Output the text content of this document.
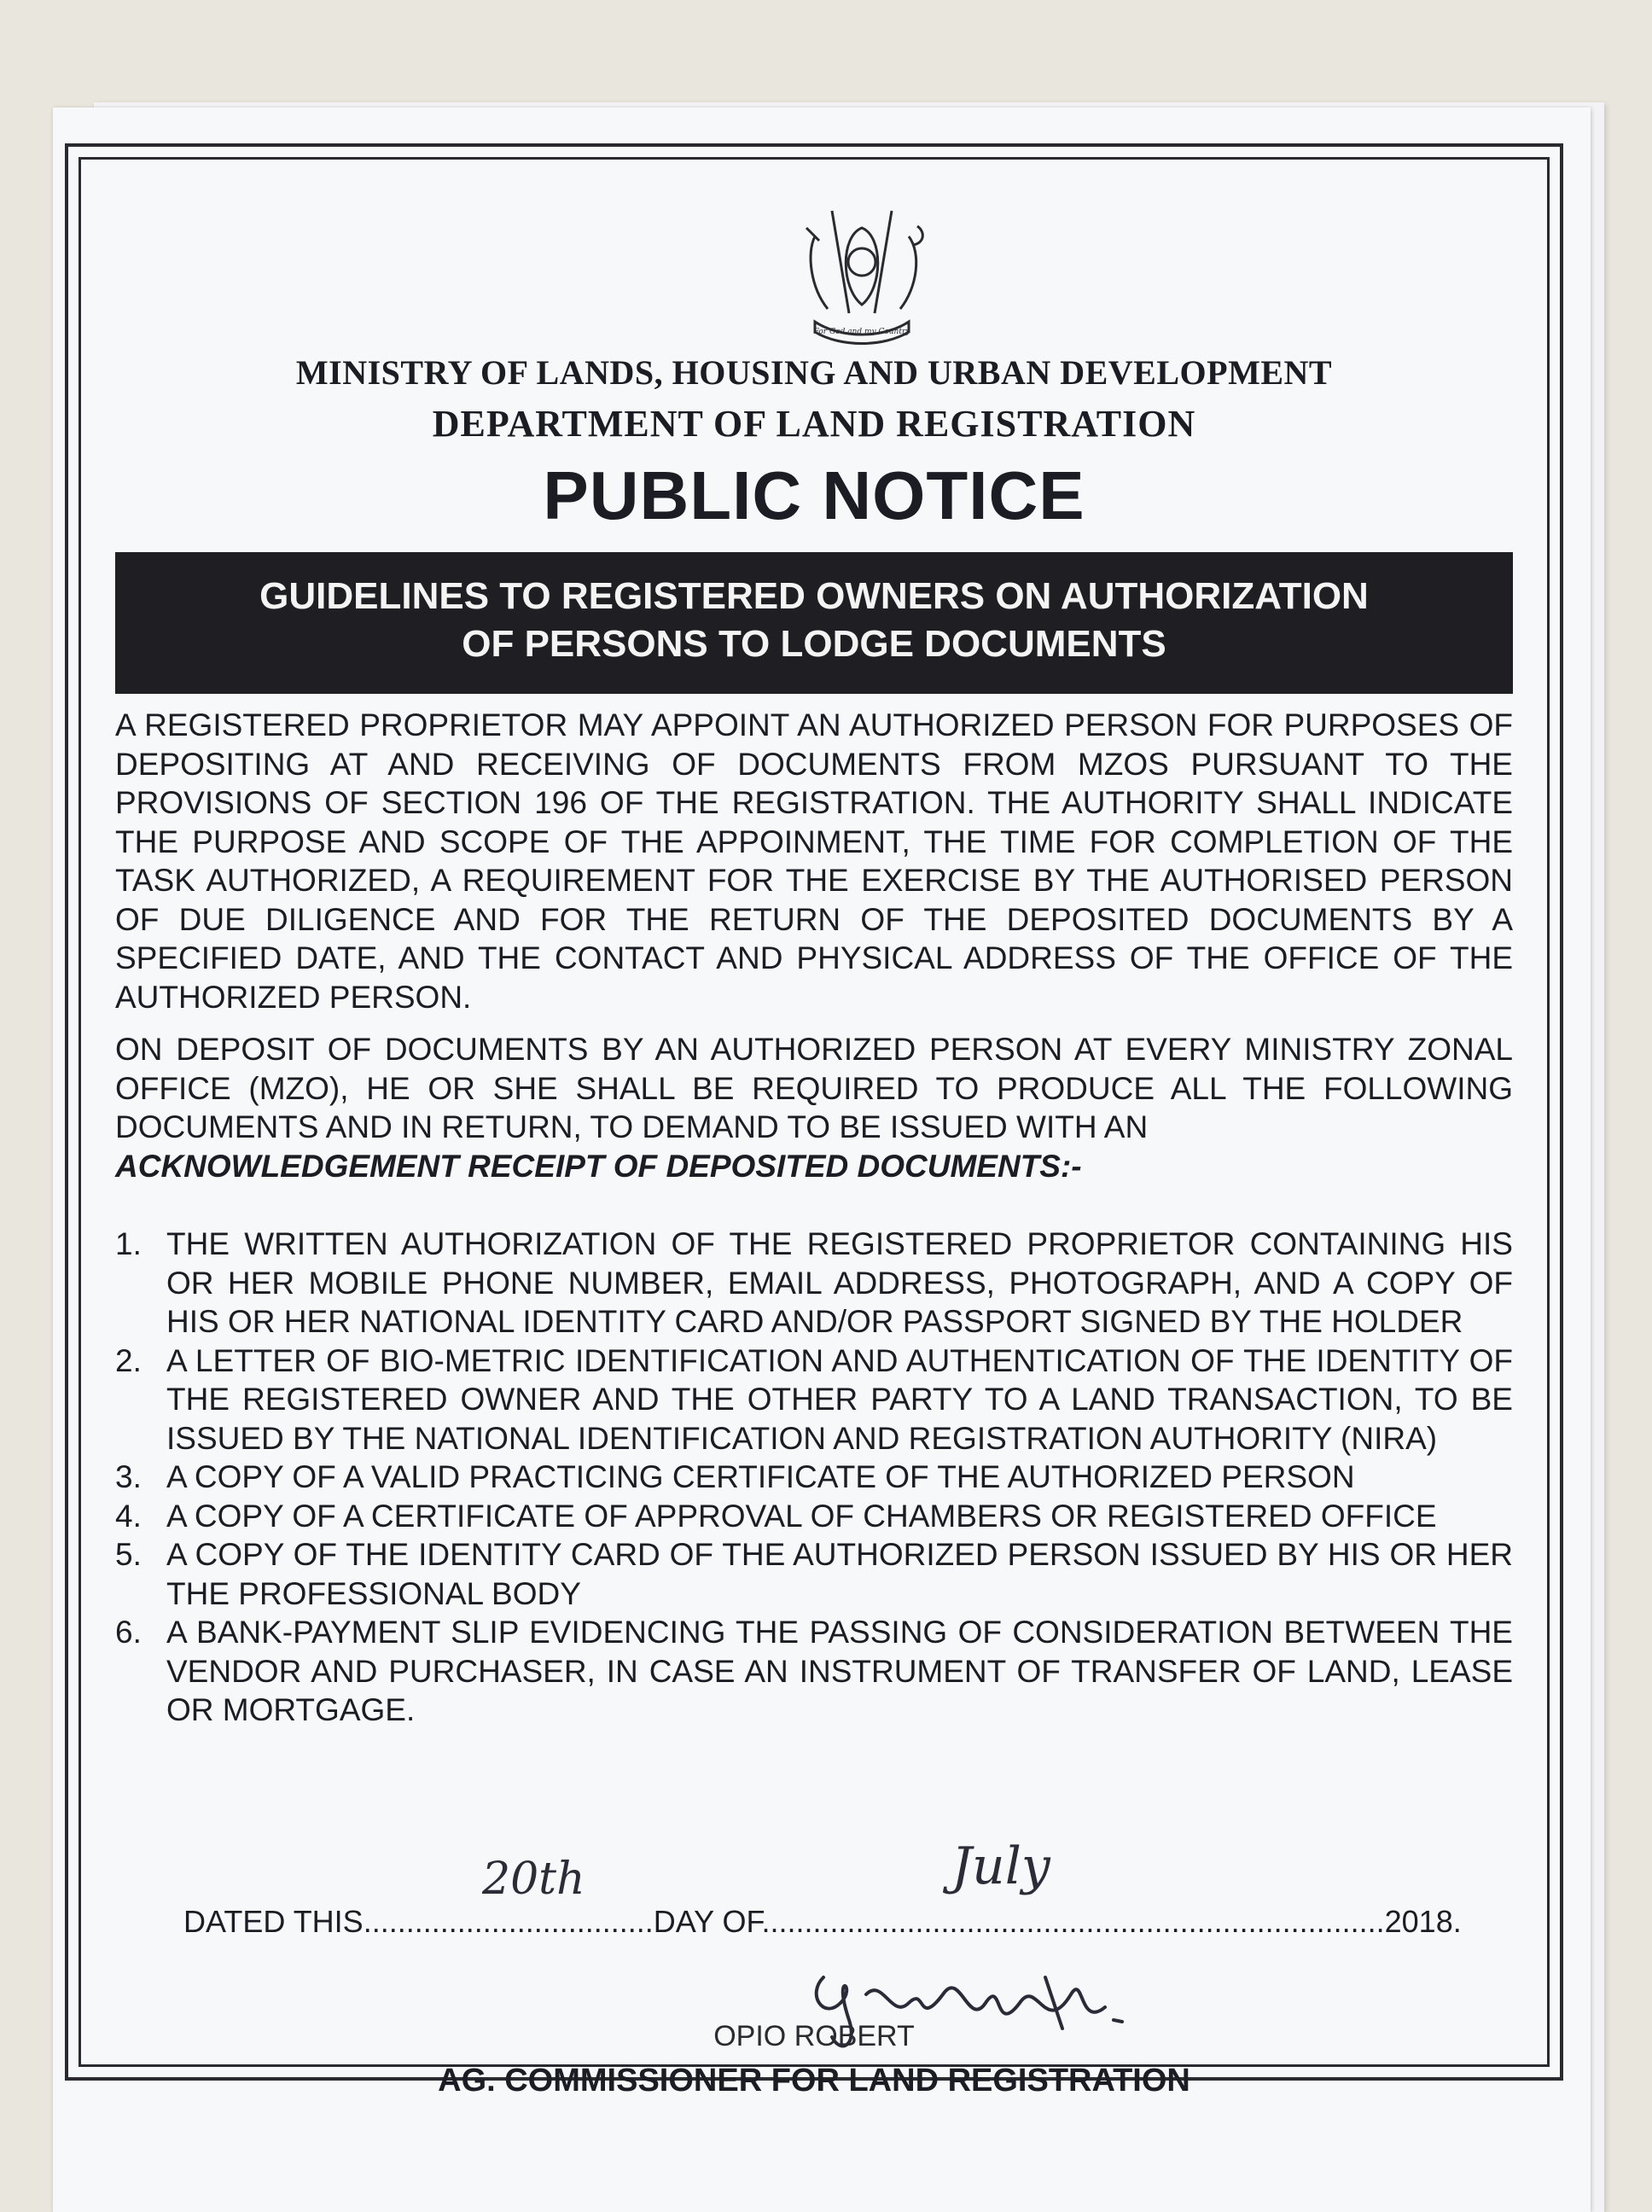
For God and my Country
MINISTRY OF LANDS, HOUSING AND URBAN DEVELOPMENT
DEPARTMENT OF LAND REGISTRATION
PUBLIC NOTICE
GUIDELINES TO REGISTERED OWNERS ON AUTHORIZATION
OF PERSONS TO LODGE DOCUMENTS
A REGISTERED PROPRIETOR MAY APPOINT AN AUTHORIZED PERSON FOR PURPOSES OF DEPOSITING AT AND RECEIVING OF DOCUMENTS FROM MZOS PURSUANT TO THE PROVISIONS OF SECTION 196 OF THE REGISTRATION. THE AUTHORITY SHALL INDICATE THE PURPOSE AND SCOPE OF THE APPOINMENT, THE TIME FOR COMPLETION OF THE TASK AUTHORIZED, A REQUIREMENT FOR THE EXERCISE BY THE AUTHORISED PERSON OF DUE DILIGENCE AND FOR THE RETURN OF THE DEPOSITED DOCUMENTS BY A SPECIFIED DATE, AND THE CONTACT AND PHYSICAL ADDRESS OF THE OFFICE OF THE AUTHORIZED PERSON.
ON DEPOSIT OF DOCUMENTS BY AN AUTHORIZED PERSON AT EVERY MINISTRY ZONAL OFFICE (MZO), HE OR SHE SHALL BE REQUIRED TO PRODUCE ALL THE FOLLOWING DOCUMENTS AND IN RETURN, TO DEMAND TO BE ISSUED WITH AN
ACKNOWLEDGEMENT RECEIPT OF DEPOSITED DOCUMENTS:-
1. THE WRITTEN AUTHORIZATION OF THE REGISTERED PROPRIETOR CONTAINING HIS OR HER MOBILE PHONE NUMBER, EMAIL ADDRESS, PHOTOGRAPH, AND A COPY OF HIS OR HER NATIONAL IDENTITY CARD AND/OR PASSPORT SIGNED BY THE HOLDER
2. A LETTER OF BIO-METRIC IDENTIFICATION AND AUTHENTICATION OF THE IDENTITY OF THE REGISTERED OWNER AND THE OTHER PARTY TO A LAND TRANSACTION, TO BE ISSUED BY THE NATIONAL IDENTIFICATION AND REGISTRATION AUTHORITY (NIRA)
3. A COPY OF A VALID PRACTICING CERTIFICATE OF THE AUTHORIZED PERSON
4. A COPY OF A CERTIFICATE OF APPROVAL OF CHAMBERS OR REGISTERED OFFICE
5. A COPY OF THE IDENTITY CARD OF THE AUTHORIZED PERSON ISSUED BY HIS OR HER THE PROFESSIONAL BODY
6. A BANK-PAYMENT SLIP EVIDENCING THE PASSING OF CONSIDERATION BETWEEN THE VENDOR AND PURCHASER, IN CASE AN INSTRUMENT OF TRANSFER OF LAND, LEASE OR MORTGAGE.
DATED THIS..................................DAY OF.........................................................................2018.
20th	July
OPIO ROBERT
AG. COMMISSIONER FOR LAND REGISTRATION
